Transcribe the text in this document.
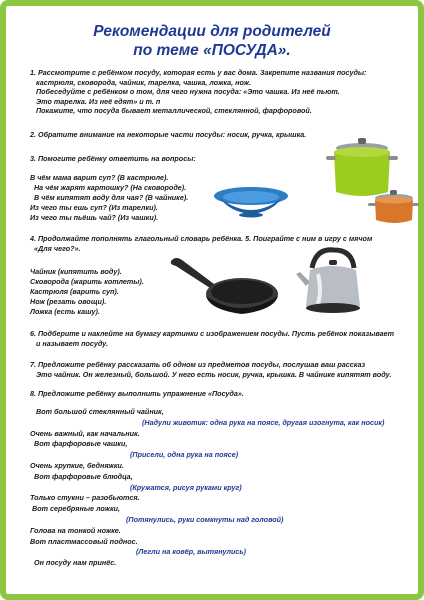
Рекомендации для родителей
по теме «ПОСУДА».

1. Рассмотрите с ребёнком посуду, которая есть у вас дома. Закрепите названия посуды:

кастрюля, сковорода, чайник, тарелка, чашка, ложка, нож.

Побеседуйте с ребёнком о том, для чего нужна посуда: «Это чашка. Из неё пьют.

Это тарелка. Из неё едят» и т. п

Покажите, что посуда бывает металлической, стеклянной, фарфоровой.

2. Обратите внимание на некоторые части посуды: носик, ручка, крышка.

3. Помогите ребёнку ответить на вопросы:

В чём мама варит суп? (В кастрюле).

На чём жарят картошку? (На сковороде).

В чём кипятят воду для чая? (В чайнике).

Из чего ты ешь суп? (Из тарелки).

Из чего ты пьёшь чай? (Из чашки).

4. Продолжайте пополнять глагольный словарь ребёнка. 5. Поиграйте с ним в игру с мячом

«Для чего?».

Чайник (кипятить воду).

Сковорода (жарить котлеты).

Кастрюля (варить суп).

Нож (резать овощи).

Ложка (есть кашу).

6. Подберите и наклейте на бумагу картинки с изображением посуды. Пусть ребёнок показывает

и называет посуду.

7. Предложите ребёнку рассказать об одном из предметов посуды, послушав ваш рассказ

Это чайник. Он железный, большой. У него есть носик, ручка, крышка. В чайнике кипятят воду.

8. Предложите ребёнку выполнить упражнение «Посуда».

Вот большой стеклянный чайник,

(Надули животик: одна рука на поясе, другая изогнута, как носик)

Очень важный, как начальник.

Вот фарфоровые чашки,

(Присели, одна рука на поясе)

Очень хрупкие, бедняжки.

Вот фарфоровые блюдца,

(Кружатся, рисуя руками круг)

Только стукни – разобьются.

Вот серебряные ложки,

(Потянулись, руки сомкнуты над головой)

Голова на тонкой ножке.

Вот пластмассовый поднос.

(Легли на ковёр, вытянулись)

Он посуду нам принёс.
